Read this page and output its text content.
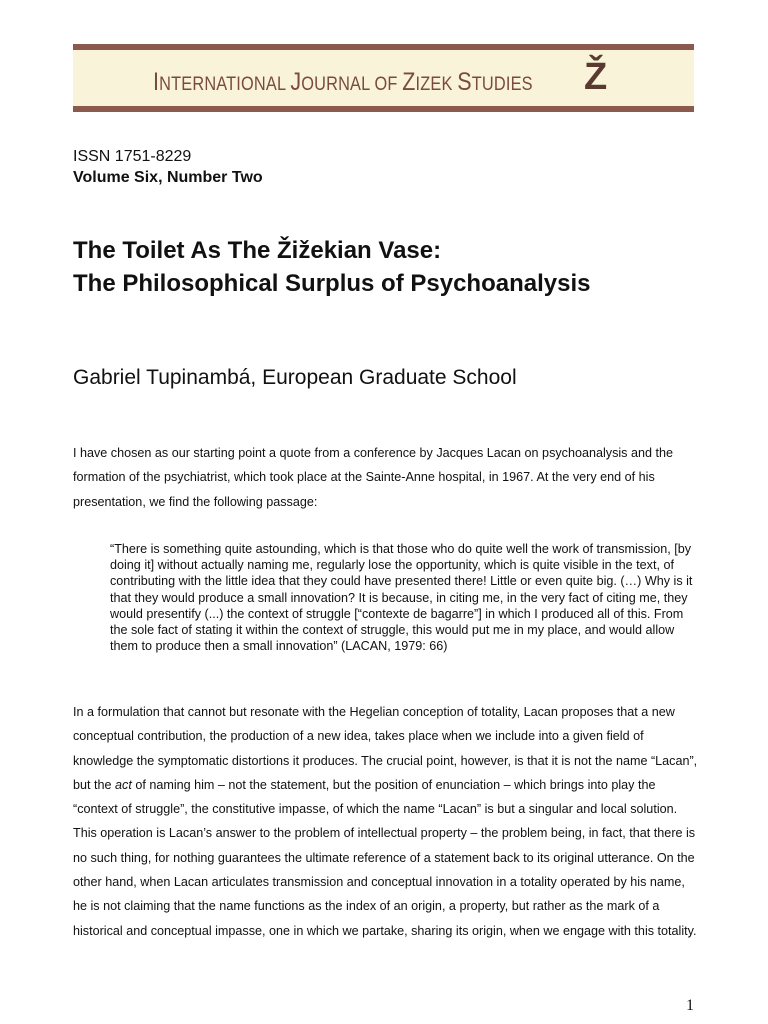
INTERNATIONAL JOURNAL OF ZIZEK STUDIES Ž
ISSN 1751-8229
Volume Six, Number Two
The Toilet As The Žižekian Vase:
The Philosophical Surplus of Psychoanalysis
Gabriel Tupinambá, European Graduate School

I have chosen as our starting point a quote from a conference by Jacques Lacan on psychoanalysis and the formation of the psychiatrist, which took place at the Sainte-Anne hospital, in 1967. At the very end of his presentation, we find the following passage:

“There is something quite astounding, which is that those who do quite well the work of transmission, [by doing it] without actually naming me, regularly lose the opportunity, which is quite visible in the text, of contributing with the little idea that they could have presented there! Little or even quite big. (…) Why is it that they would produce a small innovation? It is because, in citing me, in the very fact of citing me, they would presentify (...) the context of struggle [“contexte de bagarre”] in which I produced all of this. From the sole fact of stating it within the context of struggle, this would put me in my place, and would allow them to produce then a small innovation” (LACAN, 1979: 66)

In a formulation that cannot but resonate with the Hegelian conception of totality, Lacan proposes that a new conceptual contribution, the production of a new idea, takes place when we include into a given field of knowledge the symptomatic distortions it produces. The crucial point, however, is that it is not the name “Lacan”, but the act of naming him – not the statement, but the position of enunciation – which brings into play the “context of struggle”, the constitutive impasse, of which the name “Lacan” is but a singular and local solution. This operation is Lacan’s answer to the problem of intellectual property – the problem being, in fact, that there is no such thing, for nothing guarantees the ultimate reference of a statement back to its original utterance. On the other hand, when Lacan articulates transmission and conceptual innovation in a totality operated by his name, he is not claiming that the name functions as the index of an origin, a property, but rather as the mark of a historical and conceptual impasse, one in which we partake, sharing its origin, when we engage with this totality.

1
